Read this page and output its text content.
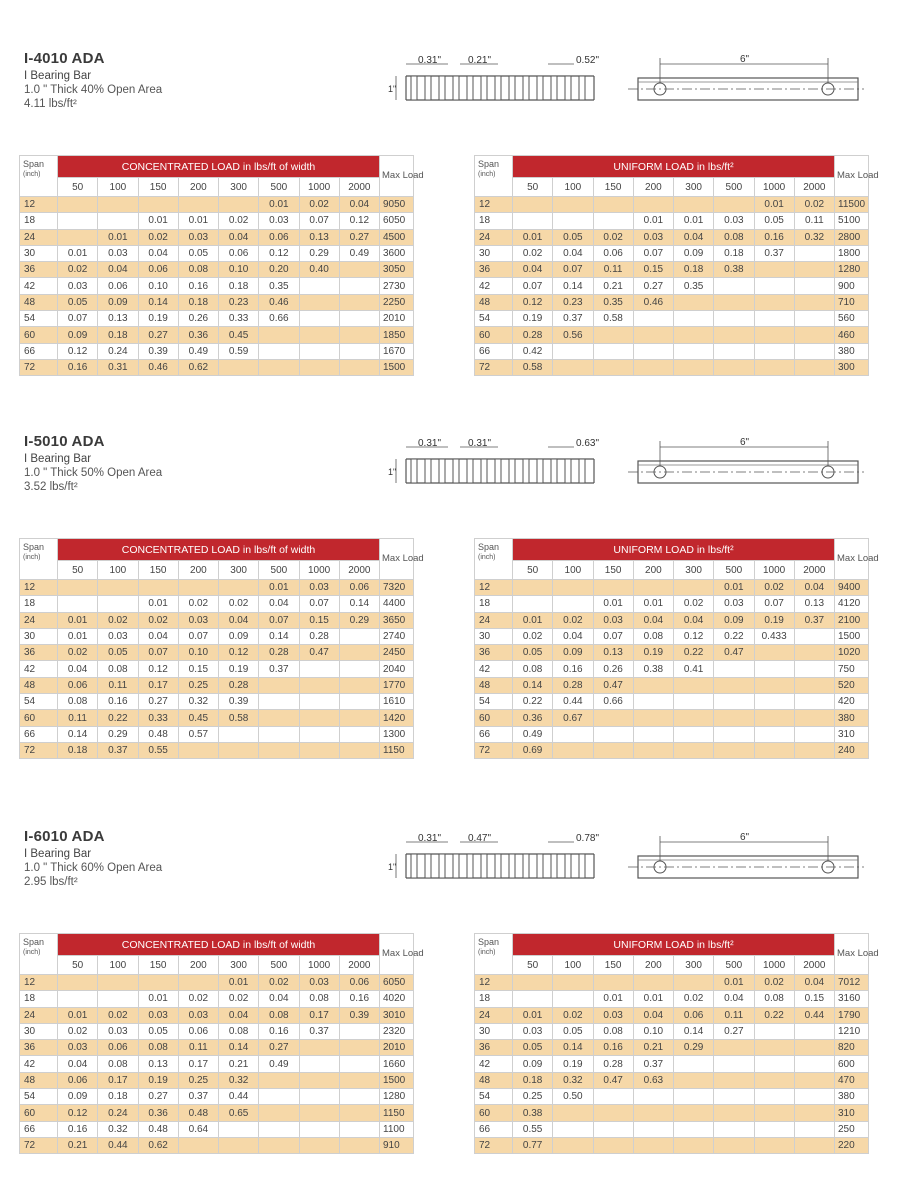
I-4010 ADA
I Bearing Bar
1.0 " Thick 40% Open Area
4.11 lbs/ft²
0.31"	0.21"	0.52"
1"
6"
Span
(inch)	CONCENTRATED LOAD in lbs/ft of width								Max Load
	50	100	150	200	300	500	1000	2000	
12						0.01	0.02	0.04	9050
18			0.01	0.01	0.02	0.03	0.07	0.12	6050
24		0.01	0.02	0.03	0.04	0.06	0.13	0.27	4500
30	0.01	0.03	0.04	0.05	0.06	0.12	0.29	0.49	3600
36	0.02	0.04	0.06	0.08	0.10	0.20	0.40		3050
42	0.03	0.06	0.10	0.16	0.18	0.35			2730
48	0.05	0.09	0.14	0.18	0.23	0.46			2250
54	0.07	0.13	0.19	0.26	0.33	0.66			2010
60	0.09	0.18	0.27	0.36	0.45				1850
66	0.12	0.24	0.39	0.49	0.59				1670
72	0.16	0.31	0.46	0.62					1500
Span
(inch)	UNIFORM LOAD in lbs/ft²								Max Load
	50	100	150	200	300	500	1000	2000	
12							0.01	0.02	11500
18				0.01	0.01	0.03	0.05	0.11	5100
24	0.01	0.05	0.02	0.03	0.04	0.08	0.16	0.32	2800
30	0.02	0.04	0.06	0.07	0.09	0.18	0.37		1800
36	0.04	0.07	0.11	0.15	0.18	0.38			1280
42	0.07	0.14	0.21	0.27	0.35				900
48	0.12	0.23	0.35	0.46					710
54	0.19	0.37	0.58						560
60	0.28	0.56							460
66	0.42								380
72	0.58								300
I-5010 ADA
I Bearing Bar
1.0 " Thick 50% Open Area
3.52 lbs/ft²
0.31"	0.31"	0.63"
1"
6"
Span
(inch)	CONCENTRATED LOAD in lbs/ft of width								Max Load
	50	100	150	200	300	500	1000	2000	
12						0.01	0.03	0.06	7320
18			0.01	0.02	0.02	0.04	0.07	0.14	4400
24	0.01	0.02	0.02	0.03	0.04	0.07	0.15	0.29	3650
30	0.01	0.03	0.04	0.07	0.09	0.14	0.28		2740
36	0.02	0.05	0.07	0.10	0.12	0.28	0.47		2450
42	0.04	0.08	0.12	0.15	0.19	0.37			2040
48	0.06	0.11	0.17	0.25	0.28				1770
54	0.08	0.16	0.27	0.32	0.39				1610
60	0.11	0.22	0.33	0.45	0.58				1420
66	0.14	0.29	0.48	0.57					1300
72	0.18	0.37	0.55						1150
Span
(inch)	UNIFORM LOAD in lbs/ft²								Max Load
	50	100	150	200	300	500	1000	2000	
12						0.01	0.02	0.04	9400
18			0.01	0.01	0.02	0.03	0.07	0.13	4120
24	0.01	0.02	0.03	0.04	0.04	0.09	0.19	0.37	2100
30	0.02	0.04	0.07	0.08	0.12	0.22	0.433		1500
36	0.05	0.09	0.13	0.19	0.22	0.47			1020
42	0.08	0.16	0.26	0.38	0.41				750
48	0.14	0.28	0.47						520
54	0.22	0.44	0.66						420
60	0.36	0.67							380
66	0.49								310
72	0.69								240
I-6010 ADA
I Bearing Bar
1.0 " Thick 60% Open Area
2.95 lbs/ft²
0.31"	0.47"	0.78"
1"
6"
Span
(inch)	CONCENTRATED LOAD in lbs/ft of width								Max Load
	50	100	150	200	300	500	1000	2000	
12					0.01	0.02	0.03	0.06	6050
18			0.01	0.02	0.02	0.04	0.08	0.16	4020
24	0.01	0.02	0.03	0.03	0.04	0.08	0.17	0.39	3010
30	0.02	0.03	0.05	0.06	0.08	0.16	0.37		2320
36	0.03	0.06	0.08	0.11	0.14	0.27			2010
42	0.04	0.08	0.13	0.17	0.21	0.49			1660
48	0.06	0.17	0.19	0.25	0.32				1500
54	0.09	0.18	0.27	0.37	0.44				1280
60	0.12	0.24	0.36	0.48	0.65				1150
66	0.16	0.32	0.48	0.64					1100
72	0.21	0.44	0.62						910
Span
(inch)	UNIFORM LOAD in lbs/ft²								Max Load
	50	100	150	200	300	500	1000	2000	
12						0.01	0.02	0.04	7012
18			0.01	0.01	0.02	0.04	0.08	0.15	3160
24	0.01	0.02	0.03	0.04	0.06	0.11	0.22	0.44	1790
30	0.03	0.05	0.08	0.10	0.14	0.27			1210
36	0.05	0.14	0.16	0.21	0.29				820
42	0.09	0.19	0.28	0.37					600
48	0.18	0.32	0.47	0.63					470
54	0.25	0.50							380
60	0.38								310
66	0.55								250
72	0.77								220
